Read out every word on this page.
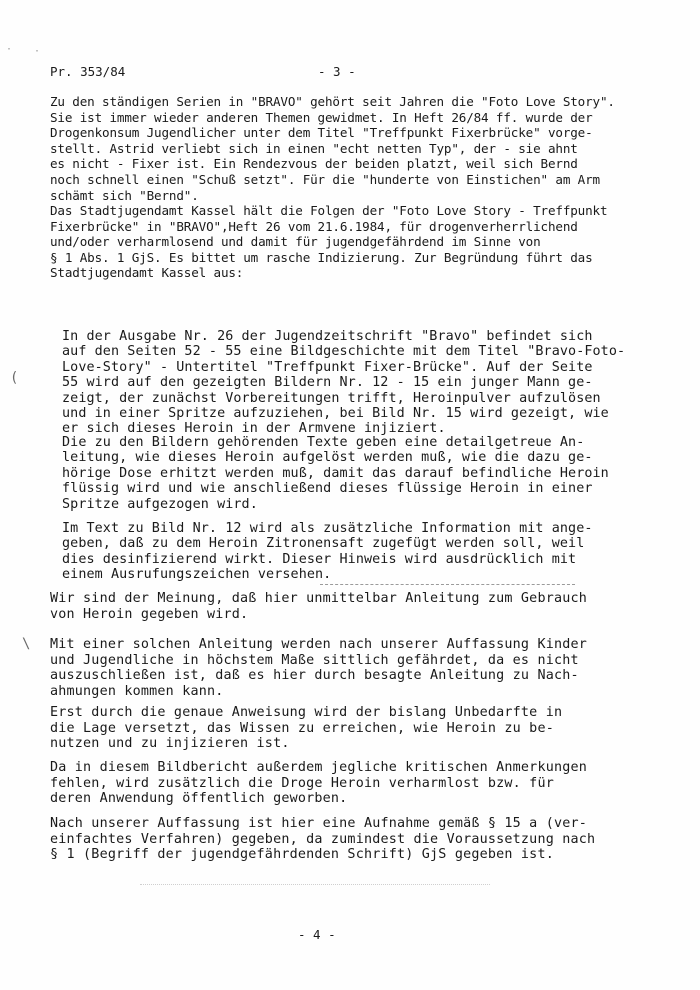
· ·
Pr. 353/84	- 3 -

Zu den ständigen Serien in "BRAVO" gehört seit Jahren die "Foto Love Story".
Sie ist immer wieder anderen Themen gewidmet. In Heft 26/84 ff. wurde der
Drogenkonsum Jugendlicher unter dem Titel "Treffpunkt Fixerbrücke" vorge-
stellt. Astrid verliebt sich in einen "echt netten Typ", der - sie ahnt
es nicht - Fixer ist. Ein Rendezvous der beiden platzt, weil sich Bernd
noch schnell einen "Schuß setzt". Für die "hunderte von Einstichen" am Arm
schämt sich "Bernd".

Das Stadtjugendamt Kassel hält die Folgen der "Foto Love Story - Treffpunkt
Fixerbrücke" in "BRAVO",Heft 26 vom 21.6.1984, für drogenverherrlichend
und/oder verharmlosend und damit für jugendgefährdend im Sinne von
§ 1 Abs. 1 GjS. Es bittet um rasche Indizierung. Zur Begründung führt das
Stadtjugendamt Kassel aus:

(

In der Ausgabe Nr. 26 der Jugendzeitschrift "Bravo" befindet sich
auf den Seiten 52 - 55 eine Bildgeschichte mit dem Titel "Bravo-Foto-
Love-Story" - Untertitel "Treffpunkt Fixer-Brücke". Auf der Seite
55 wird auf den gezeigten Bildern Nr. 12 - 15 ein junger Mann ge-
zeigt, der zunächst Vorbereitungen trifft, Heroinpulver aufzulösen
und in einer Spritze aufzuziehen, bei Bild Nr. 15 wird gezeigt, wie
er sich dieses Heroin in der Armvene injiziert.

Die zu den Bildern gehörenden Texte geben eine detailgetreue An-
leitung, wie dieses Heroin aufgelöst werden muß, wie die dazu ge-
hörige Dose erhitzt werden muß, damit das darauf befindliche Heroin
flüssig wird und wie anschließend dieses flüssige Heroin in einer
Spritze aufgezogen wird.

Im Text zu Bild Nr. 12 wird als zusätzliche Information mit ange-
geben, daß zu dem Heroin Zitronensaft zugefügt werden soll, weil
dies desinfizierend wirkt. Dieser Hinweis wird ausdrücklich mit
einem Ausrufungszeichen versehen.

\

Wir sind der Meinung, daß hier unmittelbar Anleitung zum Gebrauch
von Heroin gegeben wird.

Mit einer solchen Anleitung werden nach unserer Auffassung Kinder
und Jugendliche in höchstem Maße sittlich gefährdet, da es nicht
auszuschließen ist, daß es hier durch besagte Anleitung zu Nach-
ahmungen kommen kann.

Erst durch die genaue Anweisung wird der bislang Unbedarfte in
die Lage versetzt, das Wissen zu erreichen, wie Heroin zu be-
nutzen und zu injizieren ist.

Da in diesem Bildbericht außerdem jegliche kritischen Anmerkungen
fehlen, wird zusätzlich die Droge Heroin verharmlost bzw. für
deren Anwendung öffentlich geworben.

Nach unserer Auffassung ist hier eine Aufnahme gemäß § 15 a (ver-
einfachtes Verfahren) gegeben, da zumindest die Voraussetzung nach
§ 1 (Begriff der jugendgefährdenden Schrift) GjS gegeben ist.

- 4 -
